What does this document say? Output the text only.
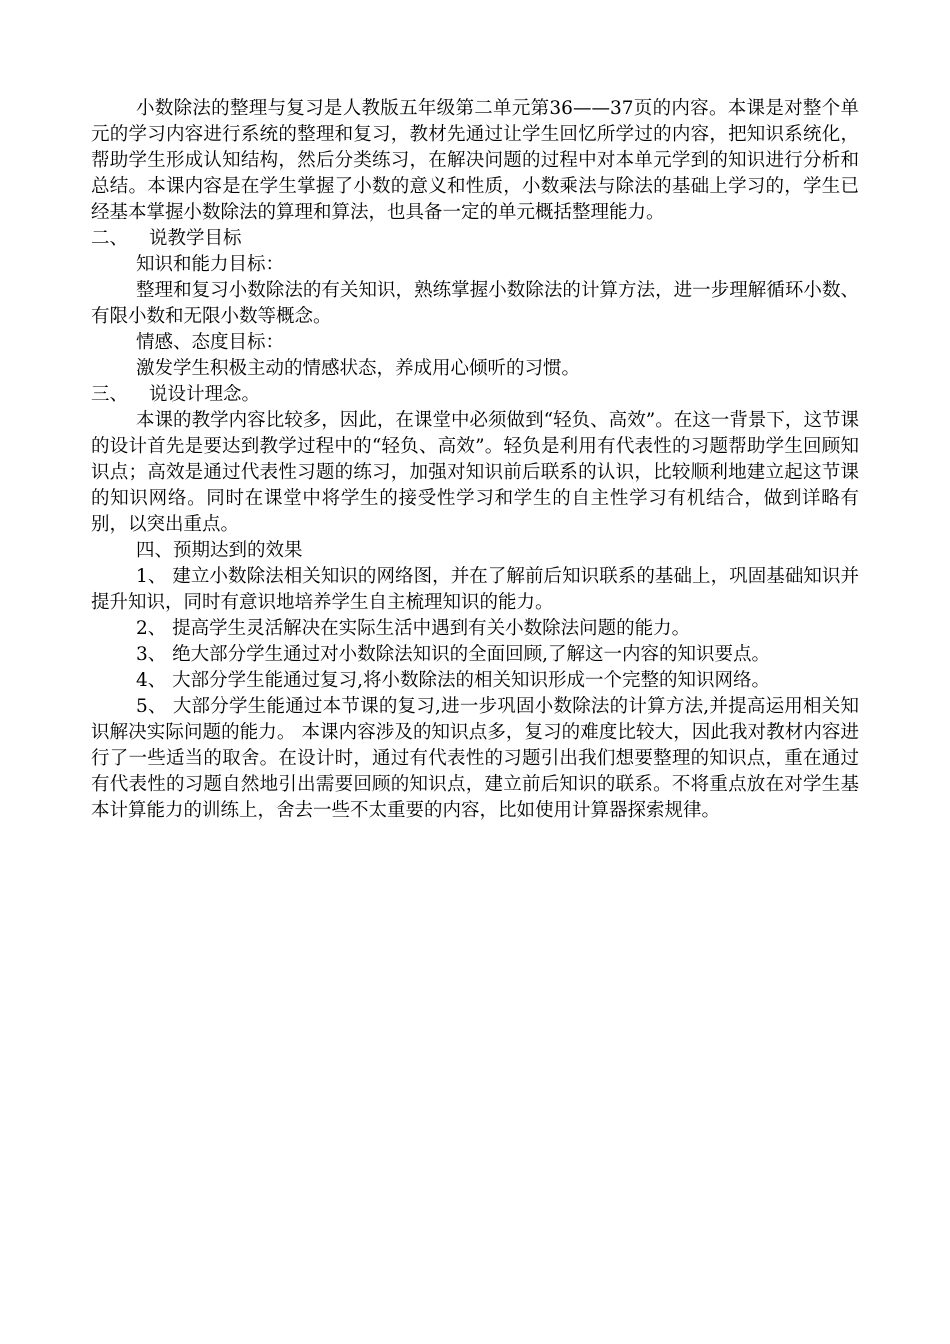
小数除法的整理与复习是人教版五年级第二单元第36——37页的内容。本课是对整个单元的学习内容进行系统的整理和复习，教材先通过让学生回忆所学过的内容，把知识系统化，帮助学生形成认知结构，然后分类练习，在解决问题的过程中对本单元学到的知识进行分析和总结。本课内容是在学生掌握了小数的意义和性质，小数乘法与除法的基础上学习的，学生已经基本掌握小数除法的算理和算法，也具备一定的单元概括整理能力。

二、 说教学目标

知识和能力目标：

整理和复习小数除法的有关知识，熟练掌握小数除法的计算方法，进一步理解循环小数、有限小数和无限小数等概念。

情感、态度目标：

激发学生积极主动的情感状态，养成用心倾听的习惯。

三、 说设计理念。

本课的教学内容比较多，因此，在课堂中必须做到“轻负、高效”。在这一背景下，这节课的设计首先是要达到教学过程中的“轻负、高效”。轻负是利用有代表性的习题帮助学生回顾知识点；高效是通过代表性习题的练习，加强对知识前后联系的认识，比较顺利地建立起这节课的知识网络。同时在课堂中将学生的接受性学习和学生的自主性学习有机结合，做到详略有别，以突出重点。

四、预期达到的效果

1、 建立小数除法相关知识的网络图，并在了解前后知识联系的基础上，巩固基础知识并提升知识，同时有意识地培养学生自主梳理知识的能力。

2、 提高学生灵活解决在实际生活中遇到有关小数除法问题的能力。

3、 绝大部分学生通过对小数除法知识的全面回顾,了解这一内容的知识要点。

4、 大部分学生能通过复习,将小数除法的相关知识形成一个完整的知识网络。

5、 大部分学生能通过本节课的复习,进一步巩固小数除法的计算方法,并提高运用相关知识解决实际问题的能力。 本课内容涉及的知识点多，复习的难度比较大，因此我对教材内容进行了一些适当的取舍。在设计时，通过有代表性的习题引出我们想要整理的知识点，重在通过有代表性的习题自然地引出需要回顾的知识点，建立前后知识的联系。不将重点放在对学生基本计算能力的训练上，舍去一些不太重要的内容，比如使用计算器探索规律。
